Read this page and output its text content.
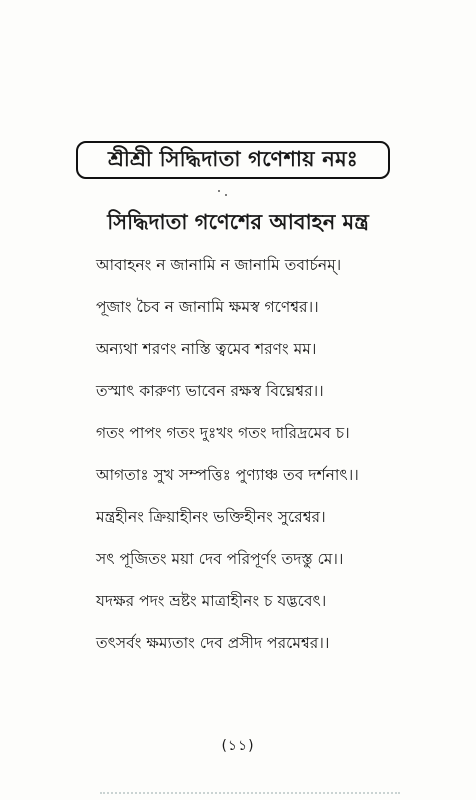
শ্রীশ্রী সিদ্ধিদাতা গণেশায় নমঃ
সিদ্ধিদাতা গণেশের আবাহন মন্ত্র
আবাহনং ন জানামি ন জানামি তবার্চনম্।
পূজাং চৈব ন জানামি ক্ষমস্ব গণেশ্বর।।
অন্যথা শরণং নাস্তি ত্বমেব শরণং মম।
তস্মাৎ কারুণ্য ভাবেন রক্ষস্ব বিঘ্নেশ্বর।।
গতং পাপং গতং দুঃখং গতং দারিদ্রমেব চ।
আগতাঃ সুখ সম্পত্তিঃ পুণ্যাঞ্চ তব দর্শনাৎ।।
মন্ত্রহীনং ক্রিয়াহীনং ভক্তিহীনং সুরেশ্বর।
সৎ পূজিতং ময়া দেব পরিপূর্ণং তদস্তু মে।।
যদক্ষর পদং ভ্রষ্টং মাত্রাহীনং চ যদ্ভবেৎ।
তৎসর্বং ক্ষম্যতাং দেব প্রসীদ পরমেশ্বর।।
(১১)
